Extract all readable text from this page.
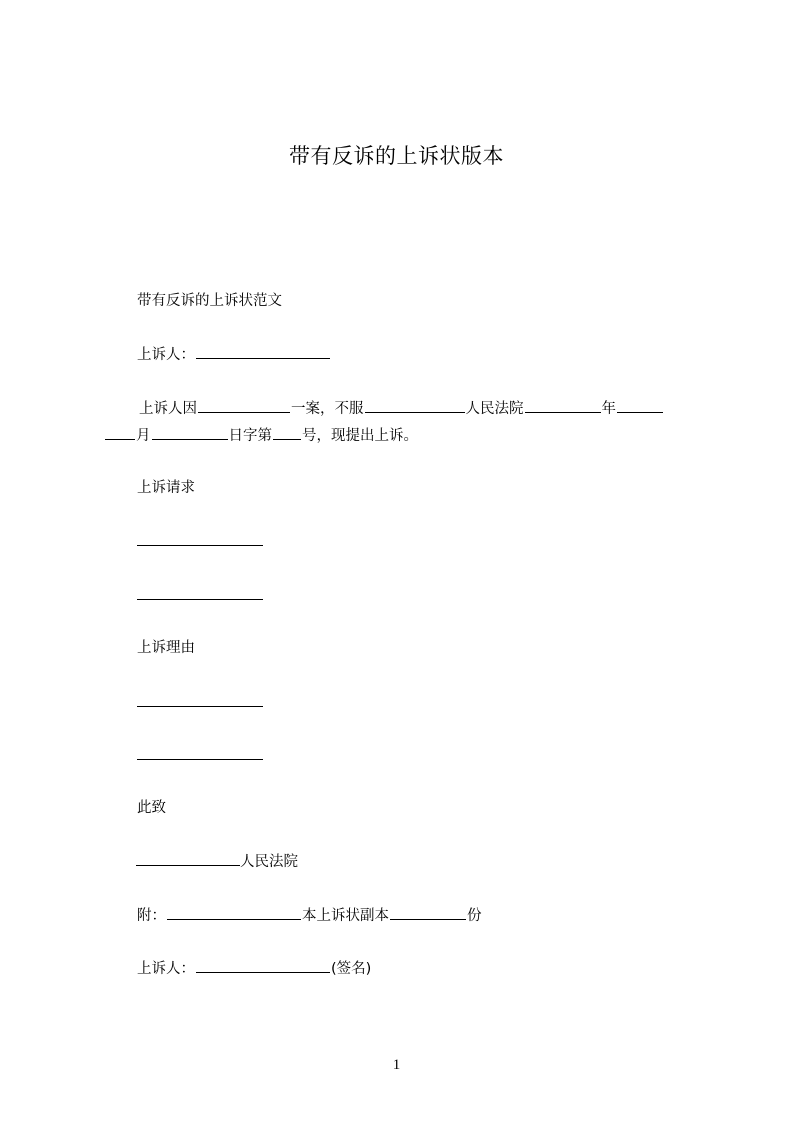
带有反诉的上诉状版本
带有反诉的上诉状范文
上诉人：
上诉人因	一案，不服	人民法院	年
月	日字第 号，现提出上诉。
上诉请求
上诉理由
此致
人民法院
附：	本上诉状副本	份
上诉人：	(签名)
1
